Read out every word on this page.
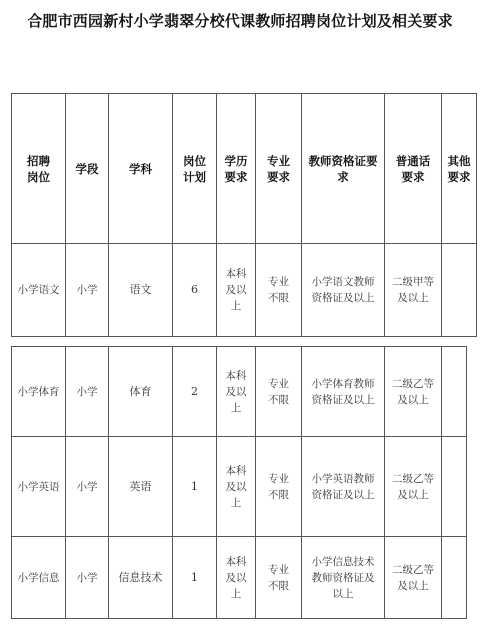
合肥市西园新村小学翡翠分校代课教师招聘岗位计划及相关要求
招聘岗位	学段	学科	岗位计划	学历要求	专业要求	教师资格证要求	普通话要求	其他要求
小学语文	小学	语文	6	本科及以上	专业不限	小学语文教师资格证及以上	二级甲等及以上	
小学体育	小学	体育	2	本科及以上	专业不限	小学体育教师资格证及以上	二级乙等及以上	
小学英语	小学	英语	1	本科及以上	专业不限	小学英语教师资格证及以上	二级乙等及以上	
小学信息	小学	信息技术	1	本科及以上	专业不限	小学信息技术教师资格证及以上	二级乙等及以上	
